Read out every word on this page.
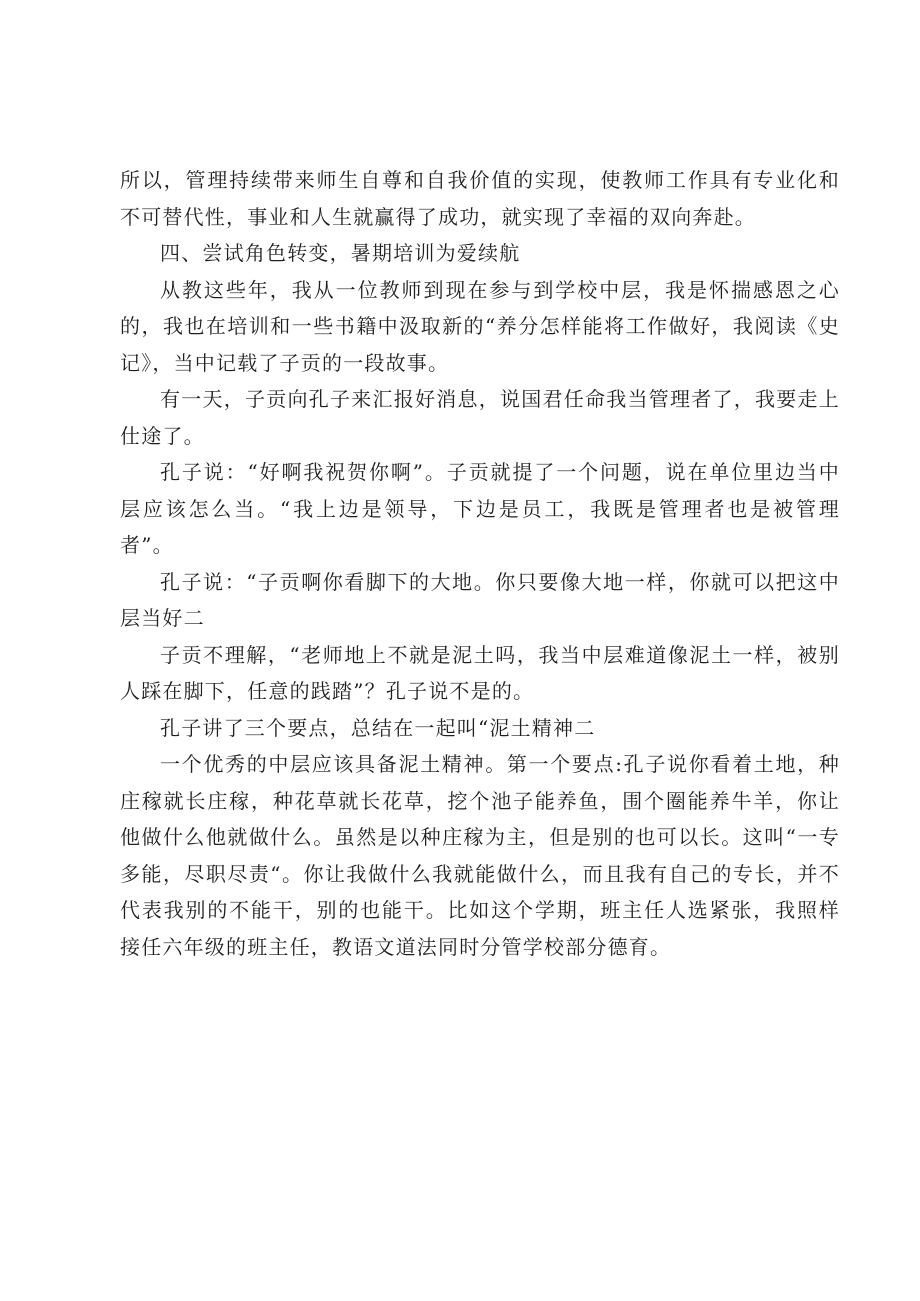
所以，管理持续带来师生自尊和自我价值的实现，使教师工作具有专业化和不可替代性，事业和人生就赢得了成功，就实现了幸福的双向奔赴。

四、尝试角色转变，暑期培训为爱续航

从教这些年，我从一位教师到现在参与到学校中层，我是怀揣感恩之心的，我也在培训和一些书籍中汲取新的“养分怎样能将工作做好，我阅读《史记》，当中记载了子贡的一段故事。

有一天，子贡向孔子来汇报好消息，说国君任命我当管理者了，我要走上仕途了。

孔子说：“好啊我祝贺你啊”。子贡就提了一个问题，说在单位里边当中层应该怎么当。“我上边是领导，下边是员工，我既是管理者也是被管理者”。

孔子说：“子贡啊你看脚下的大地。你只要像大地一样，你就可以把这中层当好二

子贡不理解，“老师地上不就是泥土吗，我当中层难道像泥土一样，被别人踩在脚下，任意的践踏”？孔子说不是的。

孔子讲了三个要点，总结在一起叫“泥土精神二

一个优秀的中层应该具备泥土精神。第一个要点:孔子说你看着土地，种庄稼就长庄稼，种花草就长花草，挖个池子能养鱼，围个圈能养牛羊，你让他做什么他就做什么。虽然是以种庄稼为主，但是别的也可以长。这叫“一专多能，尽职尽责“。你让我做什么我就能做什么，而且我有自己的专长，并不代表我别的不能干，别的也能干。比如这个学期，班主任人选紧张，我照样接任六年级的班主任，教语文道法同时分管学校部分德育。
